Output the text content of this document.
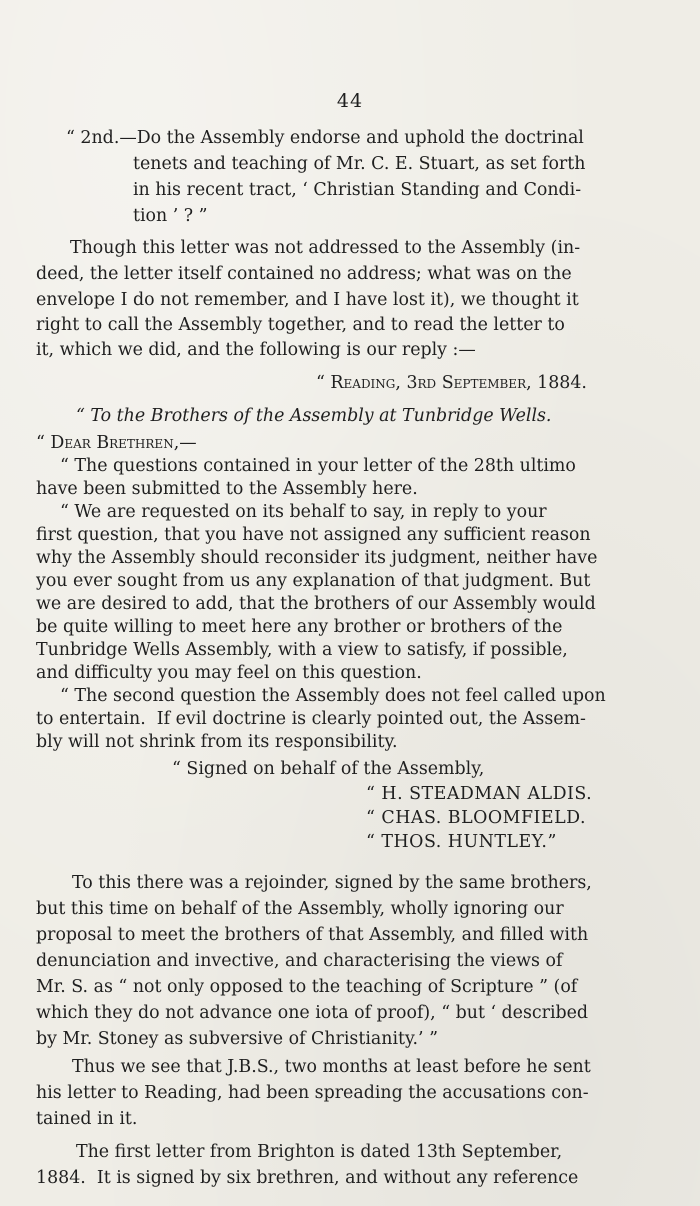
44
“ 2nd.—Do the Assembly endorse and uphold the doctrinal
tenets and teaching of Mr. C. E. Stuart, as set forth
in his recent tract, ‘ Christian Standing and Condi-
tion ’ ? ”
Though this letter was not addressed to the Assembly (in-
deed, the letter itself contained no address; what was on the
envelope I do not remember, and I have lost it), we thought it
right to call the Assembly together, and to read the letter to
it, which we did, and the following is our reply :—
“ Reading, 3rd September, 1884.
“ To the Brothers of the Assembly at Tunbridge Wells.
“ Dear Brethren,—
“ The questions contained in your letter of the 28th ultimo
have been submitted to the Assembly here.
“ We are requested on its behalf to say, in reply to your
first question, that you have not assigned any sufficient reason
why the Assembly should reconsider its judgment, neither have
you ever sought from us any explanation of that judgment. But
we are desired to add, that the brothers of our Assembly would
be quite willing to meet here any brother or brothers of the
Tunbridge Wells Assembly, with a view to satisfy, if possible,
and difficulty you may feel on this question.
“ The second question the Assembly does not feel called upon
to entertain.  If evil doctrine is clearly pointed out, the Assem-
bly will not shrink from its responsibility.
“ Signed on behalf of the Assembly,
“ H. STEADMAN ALDIS.
“ CHAS. BLOOMFIELD.
“ THOS. HUNTLEY.”
To this there was a rejoinder, signed by the same brothers,
but this time on behalf of the Assembly, wholly ignoring our
proposal to meet the brothers of that Assembly, and filled with
denunciation and invective, and characterising the views of
Mr. S. as “ not only opposed to the teaching of Scripture ” (of
which they do not advance one iota of proof), “ but ‘ described
by Mr. Stoney as subversive of Christianity.’ ”
Thus we see that J.B.S., two months at least before he sent
his letter to Reading, had been spreading the accusations con-
tained in it.
The first letter from Brighton is dated 13th September,
1884.  It is signed by six brethren, and without any reference
